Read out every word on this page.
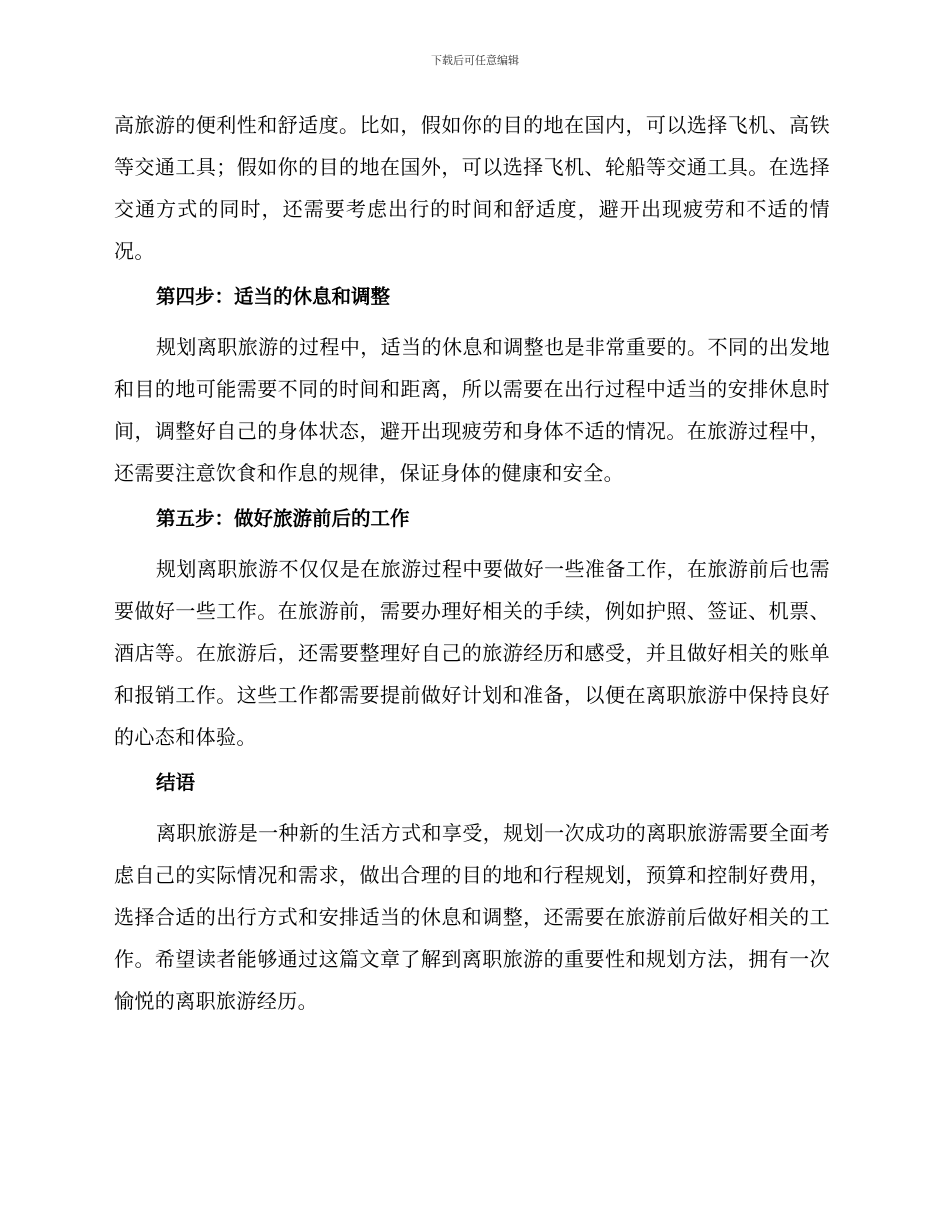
下载后可任意编辑

高旅游的便利性和舒适度。比如，假如你的目的地在国内，可以选择飞机、高铁等交通工具；假如你的目的地在国外，可以选择飞机、轮船等交通工具。在选择交通方式的同时，还需要考虑出行的时间和舒适度，避开出现疲劳和不适的情况。

第四步：适当的休息和调整

规划离职旅游的过程中，适当的休息和调整也是非常重要的。不同的出发地和目的地可能需要不同的时间和距离，所以需要在出行过程中适当的安排休息时间，调整好自己的身体状态，避开出现疲劳和身体不适的情况。在旅游过程中，还需要注意饮食和作息的规律，保证身体的健康和安全。

第五步：做好旅游前后的工作

规划离职旅游不仅仅是在旅游过程中要做好一些准备工作，在旅游前后也需要做好一些工作。在旅游前，需要办理好相关的手续，例如护照、签证、机票、酒店等。在旅游后，还需要整理好自己的旅游经历和感受，并且做好相关的账单和报销工作。这些工作都需要提前做好计划和准备，以便在离职旅游中保持良好的心态和体验。

结语

离职旅游是一种新的生活方式和享受，规划一次成功的离职旅游需要全面考虑自己的实际情况和需求，做出合理的目的地和行程规划，预算和控制好费用，选择合适的出行方式和安排适当的休息和调整，还需要在旅游前后做好相关的工作。希望读者能够通过这篇文章了解到离职旅游的重要性和规划方法，拥有一次愉悦的离职旅游经历。
